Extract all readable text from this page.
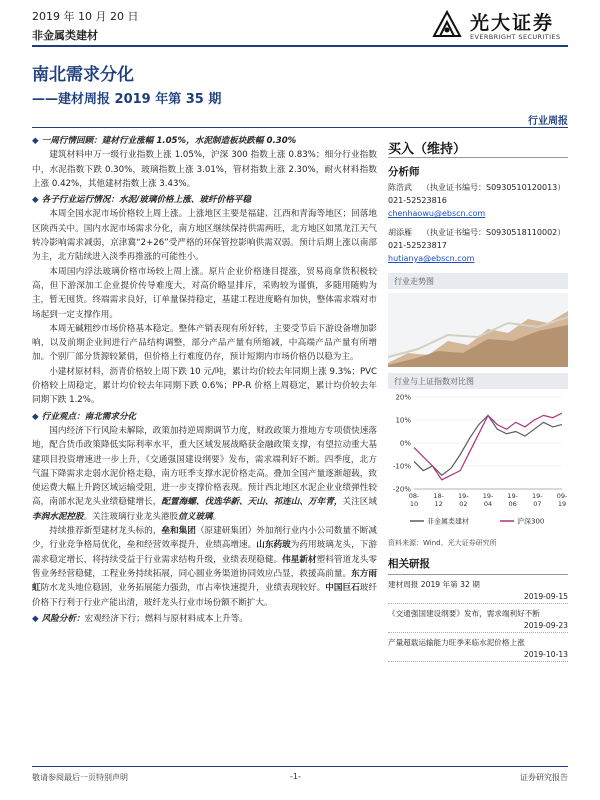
2019 年 10 月 20 日
非金属类建材
光大证券
EVERBRIGHT SECURITIES
南北需求分化
——建材周报 2019 年第 35 期
行业周报
◆ 一周行情回顾：建材行业涨幅 1.05%，水泥制造板块跌幅 0.30%

建筑材料申万一级行业指数上涨 1.05%，沪深 300 指数上涨 0.83%；细分行业指数中，水泥指数下跌 0.30%，玻璃指数上涨 3.01%，管材指数上涨 2.30%，耐火材料指数上涨 0.42%，其他建材指数上涨 3.43%。

◆ 各子行业运行情况：水泥/玻璃价格上涨、玻纤价格平稳

本周全国水泥市场价格较上周上涨。上涨地区主要是福建、江西和青海等地区；回落地区陕西关中。国内水泥市场需求分化，南方地区继续保持供需两旺，北方地区如黑龙江天气转冷影响需求减弱，京津冀“2+26”受严格的环保管控影响供需双弱。预计后期上涨以南部为主，北方陆续进入淡季再推涨的可能性小。

本周国内浮法玻璃价格市场较上周上涨。原片企业价格逢目提涨，贸易商拿货积极较高，但下游深加工企业提价传导难度大，对高价略显排斥，采购较为谨慎，多随用随购为主，暂无囤货。终端需求良好，订单量保持稳定，基建工程进度略有加快，整体需求端对市场起到一定支撑作用。

本周无碱粗纱市场价格基本稳定。整体产销表现有所好转，主要受节后下游设备增加影响，以及前期企业间进行产品结构调整，部分产品产量有所缩减，中高端产品产量有所增加。个别厂部分货源较紧俏，但价格上行难度仍存，预计短期内市场价格仍以稳为主。

小建材原材料，沥青价格较上周下跌 10 元/吨，累计均价较去年同期上涨 9.3%；PVC 价格较上周稳定，累计均价较去年同期下跌 0.6%；PP-R 价格上周稳定，累计均价较去年同期下跌 1.2%。

◆ 行业观点：南北需求分化

国内经济下行风险未解除，政策加持逆周期调节力度，财政政策力推地方专项债快速落地，配合货币政策降低实际利率水平，重大区域发展战略获金融政策支撑，有望拉动重大基建项目投资增速进一步上升，《交通强国建设纲要》发布，需求端利好不断。四季度，北方气温下降需求走弱水泥价格走稳，南方旺季支撑水泥价格走高。叠加全国产量逐渐超载，致使运费大幅上升跨区域运输受阻，进一步支撑价格表现。预计西北地区水泥企业业绩弹性较高，南部水泥龙头业绩稳健增长，配置海螺、伐选华新、天山、祁连山、万年青，关注区域李润水泥控股。关注玻璃行业龙头港股信义玻璃。

持续推荐新型建材龙头标的，垒和集团（原建研集团）外加剂行业内小公司数量不断减少，行业竞争格局优化，垒和经营效率提升，业绩高增速。山东药玻为药用玻璃龙头，下游需求稳定增长，将持续受益于行业需求结构升级，业绩表现稳健。伟星新材塑料管道龙头零售业务经营稳健，工程业务持续拓展，同心圆业务渠道协同效应凸显，救援高前量。东方雨虹防水龙头地位稳固，业务拓展能力强劲，市占率快速提升，业绩表现较好。中国巨石玻纤价格下行利于行业产能出清，玻纤龙头行业市场份额不断扩大。

◆ 风险分析： 宏观经济下行；燃料与原材料成本上升等。
买入（维持）
分析师
陈浩武 （执业证书编号：S0930510120013）
021-52523816
chenhaowu@ebscn.com
胡添雁 （执业证书编号：S0930518110002）
021-52523817
hutianya@ebscn.com
行业走势图
行业与上证指数对比图
-20%
-10%
0%
10%
20%
08-
10
18-
12
19-
02
19-
04
19-
06
19-
07
09-
19
非金属类建材	沪深300
资料来源：Wind、光大证券研究所
相关研报
建材周报 2019 年第 32 期
2019-09-15
《交通强国建设纲要》发布，需求端利好不断
2019-09-23
产量超载运输能力旺季来临水泥价格上涨
2019-10-13
敬请参阅最后一页特别声明	-1-	证券研究报告
